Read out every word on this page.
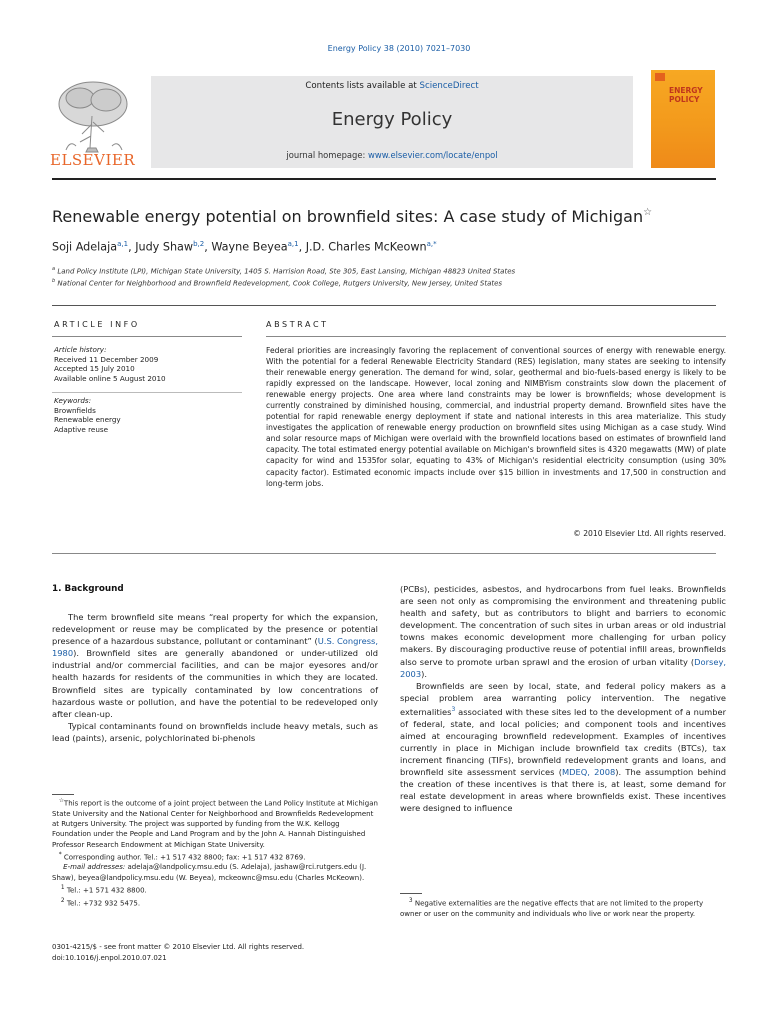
Energy Policy 38 (2010) 7021–7030
ELSEVIER
Contents lists available at ScienceDirect
Energy Policy
journal homepage: www.elsevier.com/locate/enpol
ENERGY
POLICY
Renewable energy potential on brownfield sites: A case study of Michigan☆
Soji Adelaja$^{a,1}$, Judy Shaw$^{b,2}$, Wayne Beyea$^{a,1}$, J.D. Charles McKeown$^{a,*}$
$^a$ Land Policy Institute (LPI), Michigan State University, 1405 S. Harrision Road, Ste 305, East Lansing, Michigan 48823 United States
$^b$ National Center for Neighborhood and Brownfield Redevelopment, Cook College, Rutgers University, New Jersey, United States
ARTICLE INFO
Article history:
Received 11 December 2009
Accepted 15 July 2010
Available online 5 August 2010
Keywords:
Brownfields
Renewable energy
Adaptive reuse
ABSTRACT
Federal priorities are increasingly favoring the replacement of conventional sources of energy with renewable energy. With the potential for a federal Renewable Electricity Standard (RES) legislation, many states are seeking to intensify their renewable energy generation. The demand for wind, solar, geothermal and bio-fuels-based energy is likely to be rapidly expressed on the landscape. However, local zoning and NIMBYism constraints slow down the placement of renewable energy projects. One area where land constraints may be lower is brownfields; whose development is currently constrained by diminished housing, commercial, and industrial property demand. Brownfield sites have the potential for rapid renewable energy deployment if state and national interests in this area materialize. This study investigates the application of renewable energy production on brownfield sites using Michigan as a case study. Wind and solar resource maps of Michigan were overlaid with the brownfield locations based on estimates of brownfield land capacity. The total estimated energy potential available on Michigan's brownfield sites is 4320 megawatts (MW) of plate capacity for wind and 1535for solar, equating to 43% of Michigan's residential electricity consumption (using 30% capacity factor). Estimated economic impacts include over $15 billion in investments and 17,500 in construction and long-term jobs.
© 2010 Elsevier Ltd. All rights reserved.
1. Background

The term brownfield site means “real property for which the expansion, redevelopment or reuse may be complicated by the presence or potential presence of a hazardous substance, pollutant or contaminant” (U.S. Congress, 1980). Brownfield sites are generally abandoned or under-utilized old industrial and/or commercial facilities, and can be major eyesores and/or health hazards for residents of the communities in which they are located. Brownfield sites are typically contaminated by low concentrations of hazardous waste or pollution, and have the potential to be redeveloped only after clean-up.

Typical contaminants found on brownfields include heavy metals, such as lead (paints), arsenic, polychlorinated bi-phenols

☆This report is the outcome of a joint project between the Land Policy Institute at Michigan State University and the National Center for Neighborhood and Brownfields Redevelopment at Rutgers University. The project was supported by funding from the W.K. Kellogg Foundation under the People and Land Program and by the John A. Hannah Distinguished Professor Research Endowment at Michigan State University.

* Corresponding author. Tel.: +1 517 432 8800; fax: +1 517 432 8769.

E-mail addresses: adelaja@landpolicy.msu.edu (S. Adelaja), jashaw@rci.rutgers.edu (J. Shaw), beyea@landpolicy.msu.edu (W. Beyea), mckeownc@msu.edu (Charles McKeown).

$^1$ Tel.: +1 571 432 8800.

$^2$ Tel.: +732 932 5475.

0301-4215/$ - see front matter © 2010 Elsevier Ltd. All rights reserved.
doi:10.1016/j.enpol.2010.07.021

(PCBs), pesticides, asbestos, and hydrocarbons from fuel leaks. Brownfields are seen not only as compromising the environment and threatening public health and safety, but as contributors to blight and barriers to economic development. The concentration of such sites in urban areas or old industrial towns makes economic development more challenging for urban policy makers. By discouraging productive reuse of potential infill areas, brownfields also serve to promote urban sprawl and the erosion of urban vitality (Dorsey, 2003).

Brownfields are seen by local, state, and federal policy makers as a special problem area warranting policy intervention. The negative externalities$^3$ associated with these sites led to the development of a number of federal, state, and local policies; and component tools and incentives aimed at encouraging brownfield redevelopment. Examples of incentives currently in place in Michigan include brownfield tax credits (BTCs), tax increment financing (TIFs), brownfield redevelopment grants and loans, and brownfield site assessment services (MDEQ, 2008). The assumption behind the creation of these incentives is that there is, at least, some demand for real estate development in areas where brownfields exist. These incentives were designed to influence

$^3$ Negative externalities are the negative effects that are not limited to the property owner or user on the community and individuals who live or work near the property.
